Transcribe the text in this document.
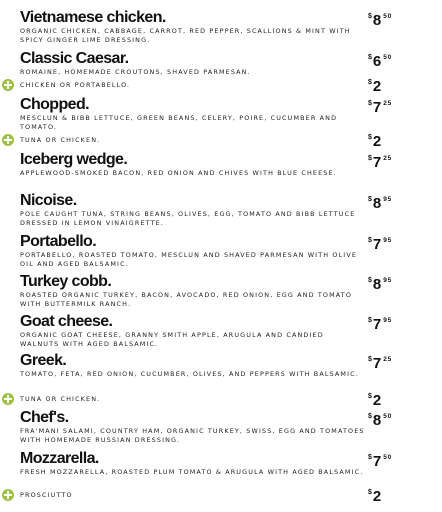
Vietnamese chicken.
ORGANIC CHICKEN, CABBAGE, CARROT, RED PEPPER, SCALLIONS & MINT WITH SPICY GINGER LIME DRESSING.
$8 $^{50}$
Classic Caesar.
ROMAINE, HOMEMADE CROUTONS, SHAVED PARMESAN.
$6 $^{50}$
CHICKEN OR PORTABELLO.	$2
Chopped.
MESCLUN & BIBB LETTUCE, GREEN BEANS, CELERY, POIRE, CUCUMBER AND TOMATO.
$7 $^{25}$
TUNA OR CHICKEN.	$2
Iceberg wedge.
APPLEWOOD-SMOKED BACON, RED ONION AND CHIVES WITH BLUE CHEESE.
$7 $^{25}$
Nicoise.
POLE CAUGHT TUNA, STRING BEANS, OLIVES, EGG, TOMATO AND BIBB LETTUCE DRESSED IN LEMON VINAIGRETTE.
$8 $^{95}$
Portabello.
PORTABELLO, ROASTED TOMATO, MESCLUN AND SHAVED PARMESAN WITH OLIVE OIL AND AGED BALSAMIC.
$7 $^{95}$
Turkey cobb.
ROASTED ORGANIC TURKEY, BACON, AVOCADO, RED ONION, EGG AND TOMATO WITH BUTTERMILK RANCH.
$8 $^{95}$
Goat cheese.
ORGANIC GOAT CHEESE, GRANNY SMITH APPLE, ARUGULA AND CANDIED WALNUTS WITH AGED BALSAMIC.
$7 $^{95}$
Greek.
TOMATO, FETA, RED ONION, CUCUMBER, OLIVES, AND PEPPERS WITH BALSAMIC.
$7 $^{25}$
TUNA OR CHICKEN.	$2
Chef's.
FRA'MANI SALAMI, COUNTRY HAM, ORGANIC TURKEY, SWISS, EGG AND TOMATOES WITH HOMEMADE RUSSIAN DRESSING.
$8 $^{50}$
Mozzarella.
FRESH MOZZARELLA, ROASTED PLUM TOMATO & ARUGULA WITH AGED BALSAMIC.
$7 $^{50}$
PROSCIUTTO	$2
